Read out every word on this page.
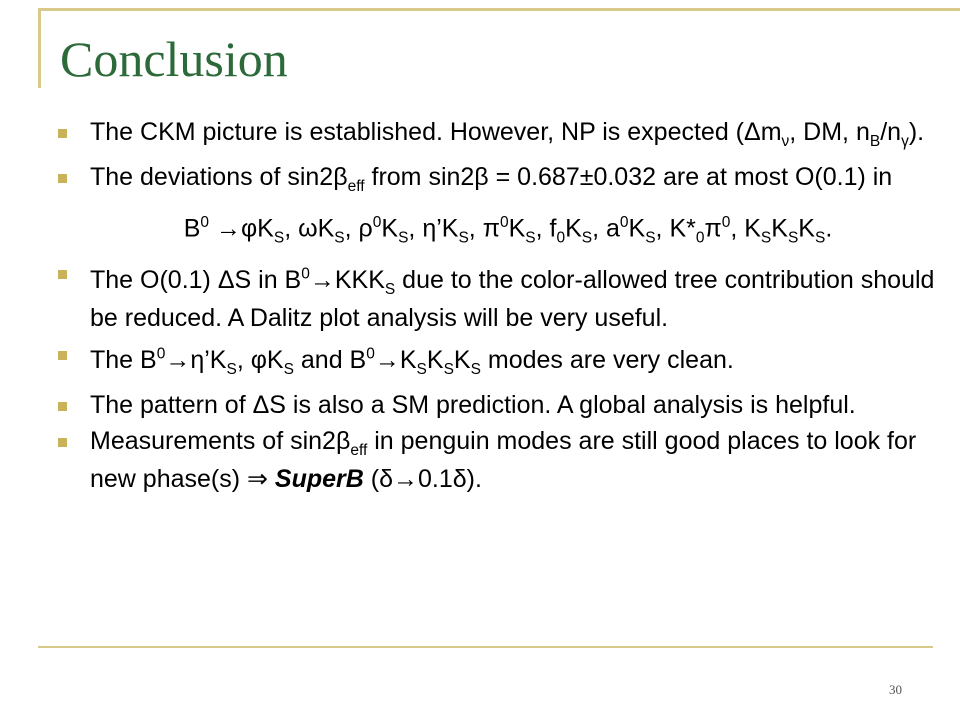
Conclusion
The CKM picture is established. However, NP is expected ($\Delta m_\nu$, DM, $n_B/n_\gamma$).
The deviations of $\sin 2\beta_{eff}$ from sin2β = 0.687±0.032 are at most O(0.1) in
$B^0 \to\varphi K_S$, $\omega K_S$, $\rho^0K_S$, $\eta’K_S$, $\pi^0K_S$, $f_0K_S$, $a^0K_S$, $K*_0\pi^0$, $K_SK_SK_S$.
The O(0.1) ΔS in $B^0\to KKK_S$ due to the color-allowed tree contribution should be reduced. A Dalitz plot analysis will be very useful.
The $B^0\to\eta’K_S$, $\varphi K_S$ and $B^0\to K_SK_SK_S$ modes are very clean.
The pattern of ΔS is also a SM prediction. A global analysis is helpful.
Measurements of $\sin 2\beta_{eff}$ in penguin modes are still good places to look for new phase(s) ⇒ SuperB (δ→0.1δ).
30
